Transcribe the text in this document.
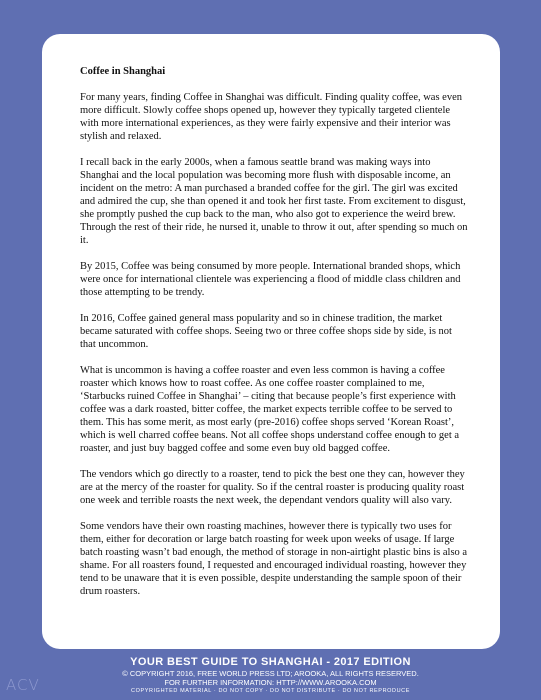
Coffee in Shanghai

For many years, finding Coffee in Shanghai was difficult. Finding quality coffee, was even more difficult. Slowly coffee shops opened up, however they typically targeted clientele with more international experiences, as they were fairly expensive and their interior was stylish and relaxed.

I recall back in the early 2000s, when a famous seattle brand was making ways into Shanghai and the local population was becoming more flush with disposable income, an incident on the metro: A man purchased a branded coffee for the girl. The girl was excited and admired the cup, she than opened it and took her first taste. From excitement to disgust, she promptly pushed the cup back to the man, who also got to experience the weird brew. Through the rest of their ride, he nursed it, unable to throw it out, after spending so much on it.

By 2015, Coffee was being consumed by more people. International branded shops, which were once for international clientele was experiencing a flood of middle class children and those attempting to be trendy.

In 2016, Coffee gained general mass popularity and so in chinese tradition, the market became saturated with coffee shops. Seeing two or three coffee shops side by side, is not that uncommon.

What is uncommon is having a coffee roaster and even less common is having a coffee roaster which knows how to roast coffee. As one coffee roaster complained to me, ‘Starbucks ruined Coffee in Shanghai’ – citing that because people’s first experience with coffee was a dark roasted, bitter coffee, the market expects terrible coffee to be served to them. This has some merit, as most early (pre-2016) coffee shops served ‘Korean Roast’, which is well charred coffee beans. Not all coffee shops understand coffee enough to get a roaster, and just buy bagged coffee and some even buy old bagged coffee.

The vendors which go directly to a roaster, tend to pick the best one they can, however they are at the mercy of the roaster for quality. So if the central roaster is producing quality roast one week and terrible roasts the next week, the dependant vendors quality will also vary.

Some vendors have their own roasting machines, however there is typically two uses for them, either for decoration or large batch roasting for week upon weeks of usage. If large batch roasting wasn’t bad enough, the method of storage in non-airtight plastic bins is also a shame. For all roasters found, I requested and encouraged individual roasting, however they tend to be unaware that it is even possible, despite understanding the sample spoon of their drum roasters.

YOUR BEST GUIDE TO SHANGHAI - 2017 EDITION
© COPYRIGHT 2016, FREE WORLD PRESS LTD; AROOKA, ALL RIGHTS RESERVED.
FOR FURTHER INFORMATION: HTTP://WWW.AROOKA.COM
COPYRIGHTED MATERIAL · DO NOT COPY · DO NOT DISTRIBUTE · DO NOT REPRODUCE
ACV
